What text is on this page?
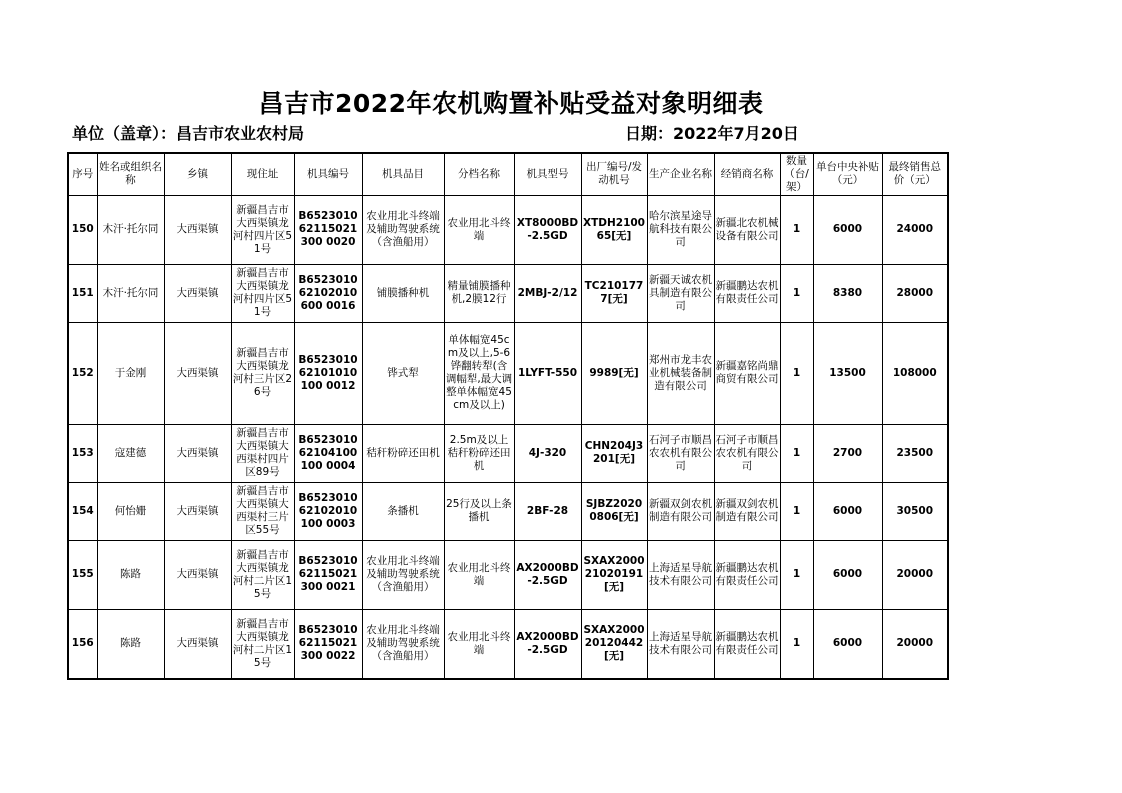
昌吉市2022年农机购置补贴受益对象明细表
单位（盖章）：昌吉市农业农村局	日期：2022年7月20日
序号	姓名或组织名称	乡镇	现住址	机具编号	机具品目	分档名称	机具型号	出厂编号/发动机号	生产企业名称	经销商名称	数量（台/架）	单台中央补贴（元）	最终销售总价（元）
150	木汗·托尔同	大西渠镇	新疆昌吉市大西渠镇龙河村四片区51号	B652301062115021300 0020	农业用北斗终端及辅助驾驶系统（含渔船用）	农业用北斗终端	XT8000BD-2.5GD	XTDH210065[无]	哈尔滨星途导航科技有限公司	新疆北农机械设备有限公司	1	6000	24000
151	木汗·托尔同	大西渠镇	新疆昌吉市大西渠镇龙河村四片区51号	B652301062102010600 0016	铺膜播种机	精量铺膜播种机,2膜12行	2MBJ-2/12	TC2101777[无]	新疆天诚农机具制造有限公司	新疆鹏达农机有限责任公司	1	8380	28000
152	于金刚	大西渠镇	新疆昌吉市大西渠镇龙河村三片区26号	B652301062101010100 0012	铧式犁	单体幅宽45cm及以上,5-6铧翻转犁(含调幅犁,最大调整单体幅宽45cm及以上)	1LYFT-550	9989[无]	郑州市龙丰农业机械装备制造有限公司	新疆嘉铭尚鼎商贸有限公司	1	13500	108000
153	寇建德	大西渠镇	新疆昌吉市大西渠镇大西渠村四片区89号	B652301062104100100 0004	秸秆粉碎还田机	2.5m及以上秸秆粉碎还田机	4J-320	CHN204J3201[无]	石河子市顺昌农农机有限公司	石河子市顺昌农农机有限公司	1	2700	23500
154	何怡姗	大西渠镇	新疆昌吉市大西渠镇大西渠村三片区55号	B652301062102010100 0003	条播机	25行及以上条播机	2BF-28	SJBZ20200806[无]	新疆双剑农机制造有限公司	新疆双剑农机制造有限公司	1	6000	30500
155	陈路	大西渠镇	新疆昌吉市大西渠镇龙河村二片区15号	B652301062115021300 0021	农业用北斗终端及辅助驾驶系统（含渔船用）	农业用北斗终端	AX2000BD-2.5GD	SXAX200021020191[无]	上海适星导航技术有限公司	新疆鹏达农机有限责任公司	1	6000	20000
156	陈路	大西渠镇	新疆昌吉市大西渠镇龙河村二片区15号	B652301062115021300 0022	农业用北斗终端及辅助驾驶系统（含渔船用）	农业用北斗终端	AX2000BD-2.5GD	SXAX200020120442[无]	上海适星导航技术有限公司	新疆鹏达农机有限责任公司	1	6000	20000
